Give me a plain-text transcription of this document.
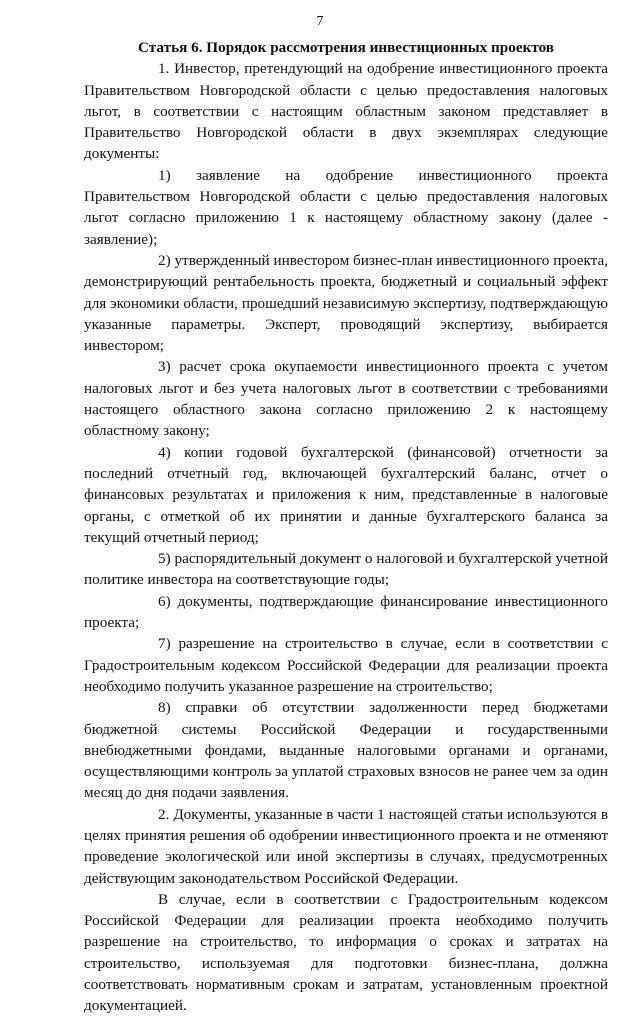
7

Статья 6. Порядок рассмотрения инвестиционных проектов

1. Инвестор, претендующий на одобрение инвестиционного проекта Правительством Новгородской области с целью предоставления налоговых льгот, в соответствии с настоящим областным законом представляет в Правительство Новгородской области в двух экземплярах следующие документы:

1) заявление на одобрение инвестиционного проекта Правительством Новгородской области с целью предоставления налоговых льгот согласно приложению 1 к настоящему областному закону (далее - заявление);

2) утвержденный инвестором бизнес-план инвестиционного проекта, демонстрирующий рентабельность проекта, бюджетный и социальный эффект для экономики области, прошедший независимую экспертизу, подтверждающую указанные параметры. Эксперт, проводящий экспертизу, выбирается инвестором;

3) расчет срока окупаемости инвестиционного проекта с учетом налоговых льгот и без учета налоговых льгот в соответствии с требованиями настоящего областного закона согласно приложению 2 к настоящему областному закону;

4) копии годовой бухгалтерской (финансовой) отчетности за последний отчетный год, включающей бухгалтерский баланс, отчет о финансовых результатах и приложения к ним, представленные в налоговые органы, с отметкой об их принятии и данные бухгалтерского баланса за текущий отчетный период;

5) распорядительный документ о налоговой и бухгалтерской учетной политике инвестора на соответствующие годы;

6) документы, подтверждающие финансирование инвестиционного проекта;

7) разрешение на строительство в случае, если в соответствии с Градостроительным кодексом Российской Федерации для реализации проекта необходимо получить указанное разрешение на строительство;

8) справки об отсутствии задолженности перед бюджетами бюджетной системы Российской Федерации и государственными внебюджетными фондами, выданные налоговыми органами и органами, осуществляющими контроль за уплатой страховых взносов не ранее чем за один месяц до дня подачи заявления.

2. Документы, указанные в части 1 настоящей статьи используются в целях принятия решения об одобрении инвестиционного проекта и не отменяют проведение экологической или иной экспертизы в случаях, предусмотренных действующим законодательством Российской Федерации.

В случае, если в соответствии с Градостроительным кодексом Российской Федерации для реализации проекта необходимо получить разрешение на строительство, то информация о сроках и затратах на строительство, используемая для подготовки бизнес-плана, должна соответствовать нормативным срокам и затратам, установленным проектной документацией.
